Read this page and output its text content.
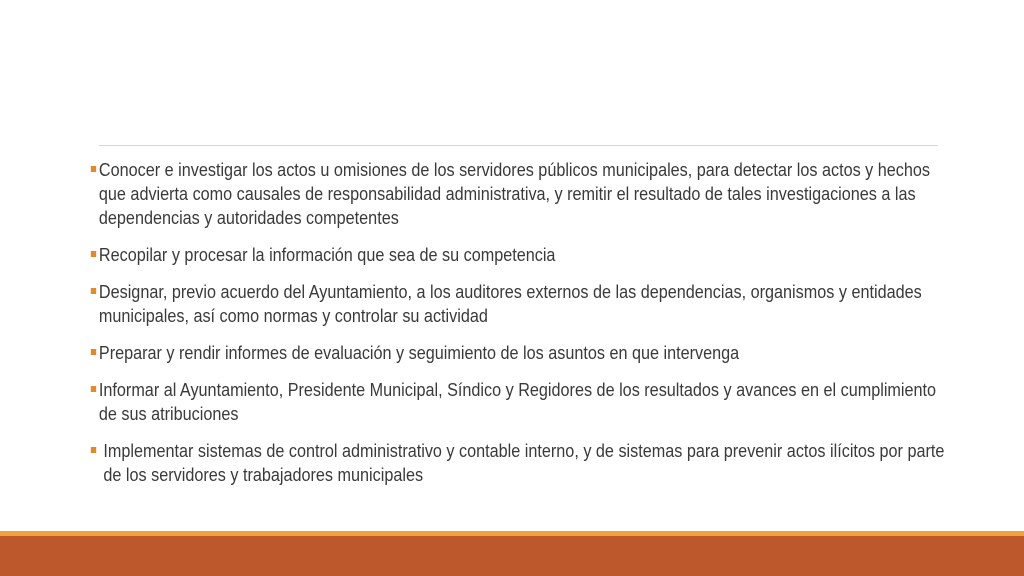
Conocer e investigar los actos u omisiones de los servidores públicos municipales, para detectar los actos y hechos que advierta como causales de responsabilidad administrativa, y remitir el resultado de tales investigaciones a las dependencias y autoridades competentes
Recopilar y procesar la información que sea de su competencia
Designar, previo acuerdo del Ayuntamiento, a los auditores externos de las dependencias, organismos y entidades municipales, así como normas y controlar su actividad
Preparar y rendir informes de evaluación y seguimiento de los asuntos en que intervenga
Informar al Ayuntamiento, Presidente Municipal, Síndico y Regidores de los resultados y avances en el cumplimiento de sus atribuciones
Implementar sistemas de control administrativo y contable interno, y de sistemas para prevenir actos ilícitos por parte de los servidores y trabajadores municipales
